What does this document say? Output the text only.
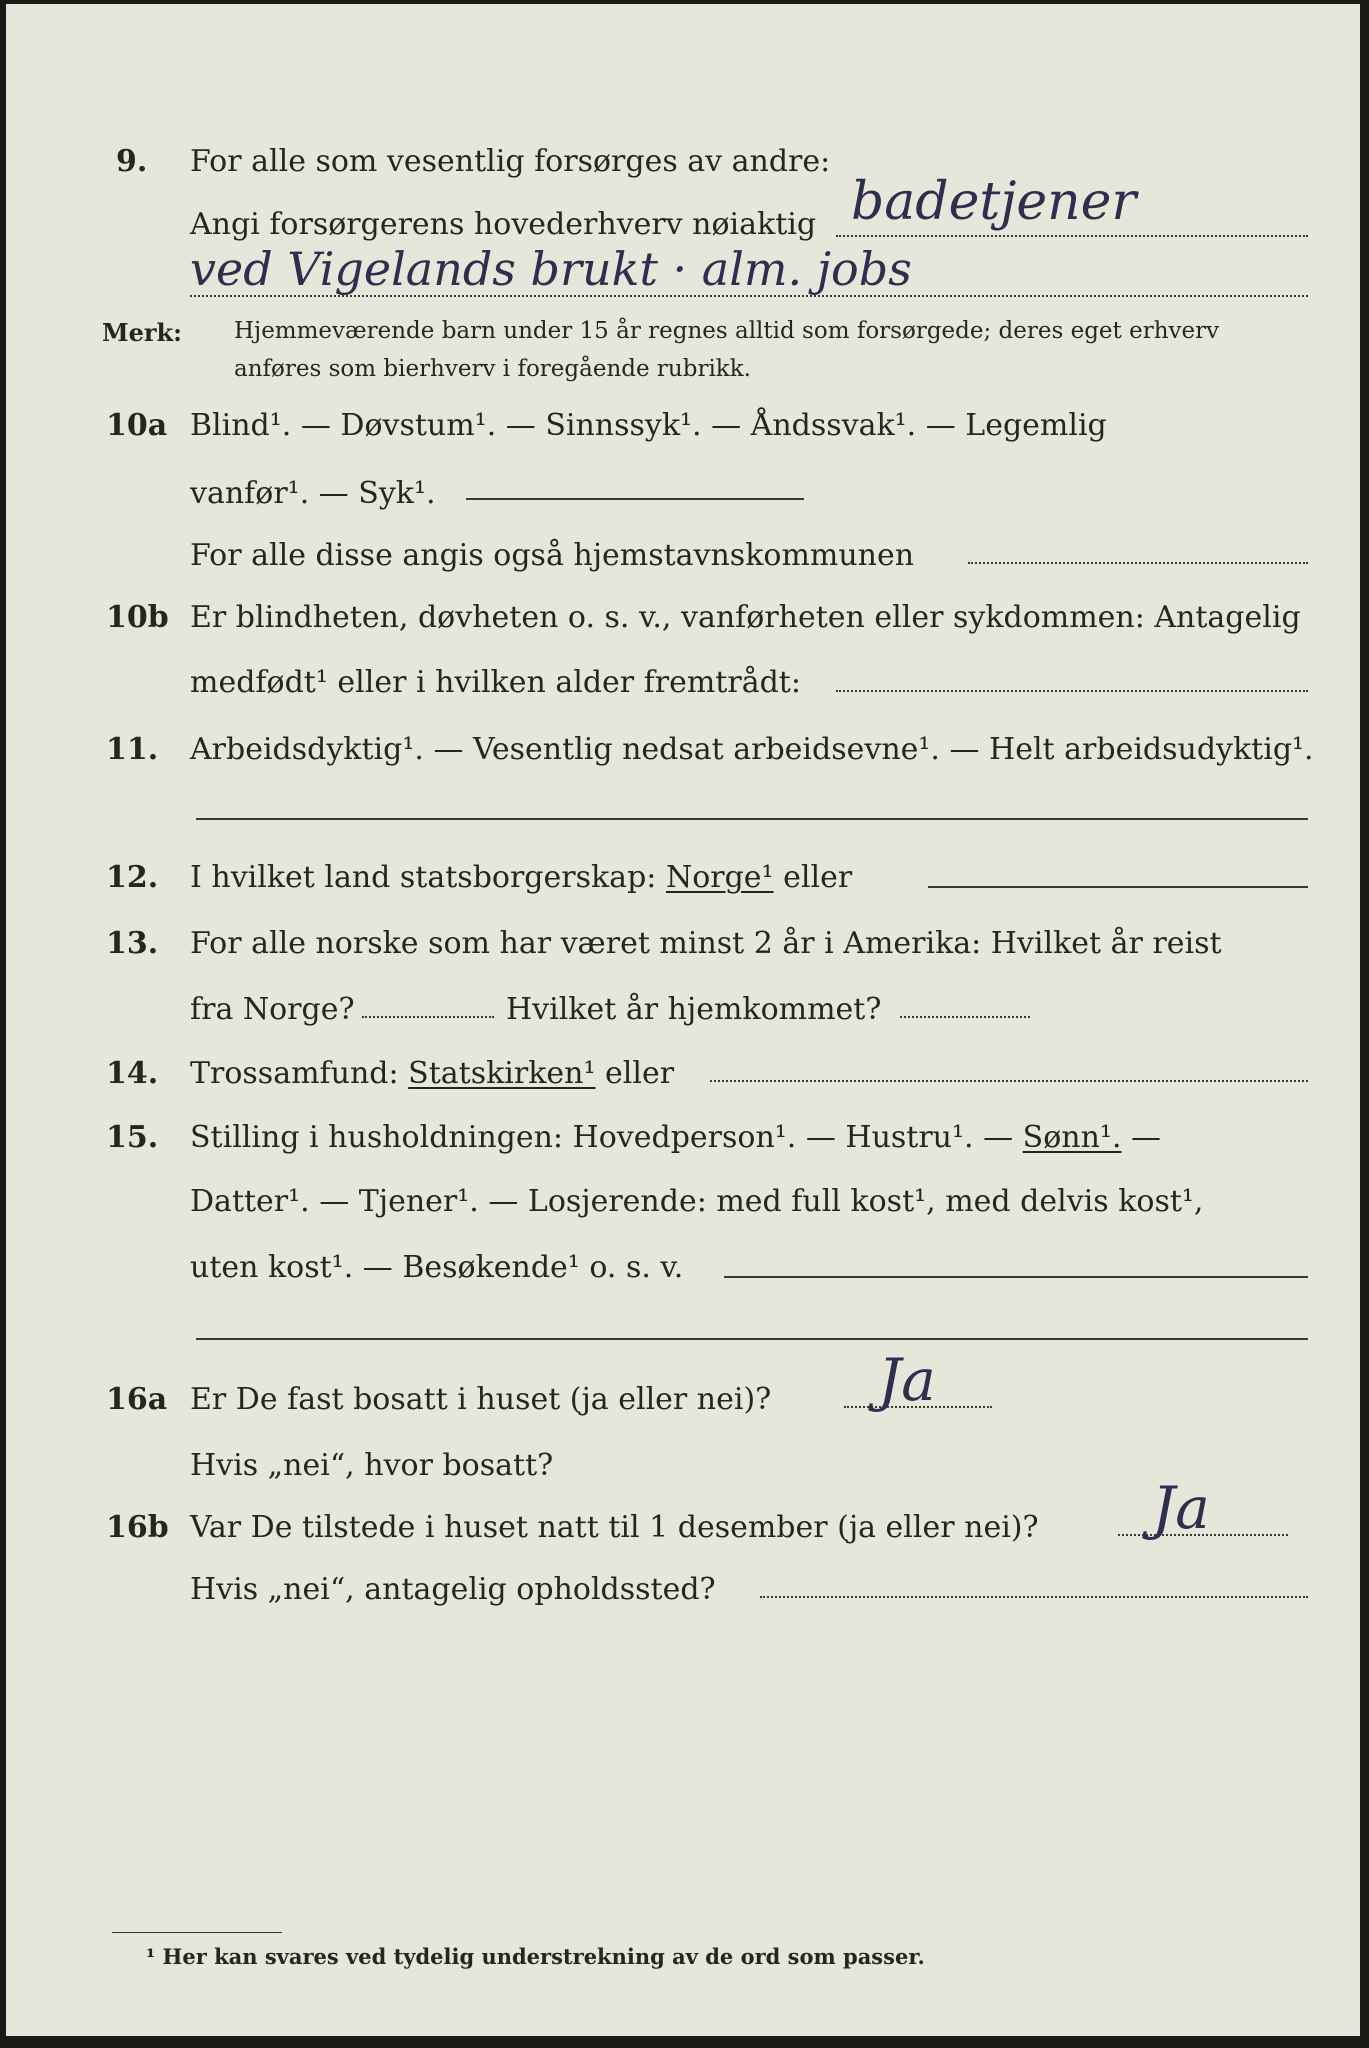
9. For alle som vesentlig forsørges av andre:
Angi forsørgerens hovederhverv nøiaktig badetjener
ved Vigelands brukt · alm. jobs
Merk: Hjemmeværende barn under 15 år regnes alltid som forsørgede; deres eget erhverv
anføres som bierhverv i foregående rubrikk.
10a Blind¹. — Døvstum¹. — Sinnssyk¹. — Åndssvak¹. — Legemlig
vanfør¹. — Syk¹.
For alle disse angis også hjemstavnskommunen
10b Er blindheten, døvheten o. s. v., vanførheten eller sykdommen: Antagelig
medfødt¹ eller i hvilken alder fremtrådt:
11. Arbeidsdyktig¹. — Vesentlig nedsat arbeidsevne¹. — Helt arbeidsudyktig¹.
12. I hvilket land statsborgerskap: Norge¹ eller
13. For alle norske som har været minst 2 år i Amerika: Hvilket år reist
fra Norge?	Hvilket år hjemkommet?
14. Trossamfund: Statskirken¹ eller
15. Stilling i husholdningen: Hovedperson¹. — Hustru¹. — Sønn¹. —
Datter¹. — Tjener¹. — Losjerende: med full kost¹, med delvis kost¹,
uten kost¹. — Besøkende¹ o. s. v.
16a Er De fast bosatt i huset (ja eller nei)? Ja
Hvis „nei“, hvor bosatt?
16b Var De tilstede i huset natt til 1 desember (ja eller nei)? Ja
Hvis „nei“, antagelig opholdssted?
¹ Her kan svares ved tydelig understrekning av de ord som passer.
